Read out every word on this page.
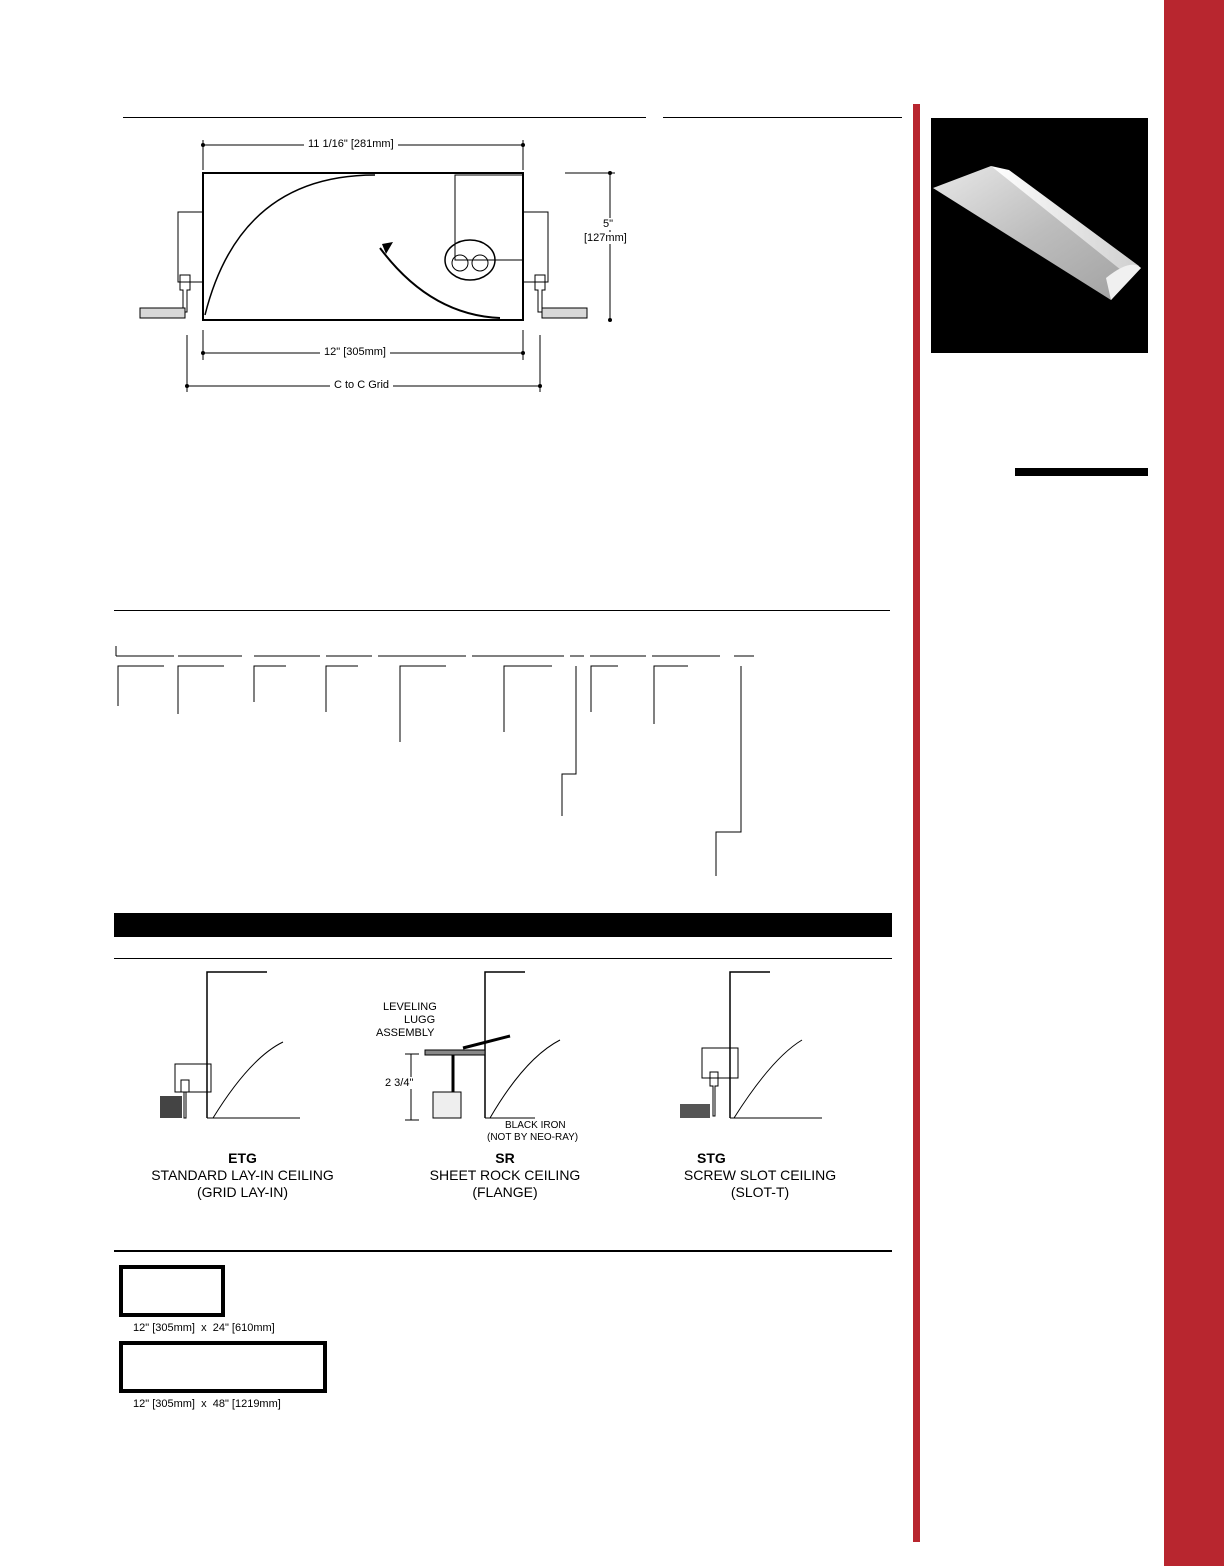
11 1/16" [281mm]
5"
[127mm]
12" [305mm]
C to C Grid
LEVELING
LUGG
ASSEMBLY
2 3/4"
BLACK IRON
(NOT BY NEO-RAY)
ETG
STANDARD LAY-IN CEILING
(GRID LAY-IN)
SR
SHEET ROCK CEILING
(FLANGE)
STG
SCREW SLOT CEILING
(SLOT-T)
12" [305mm]  x  24" [610mm]
12" [305mm]  x  48" [1219mm]
